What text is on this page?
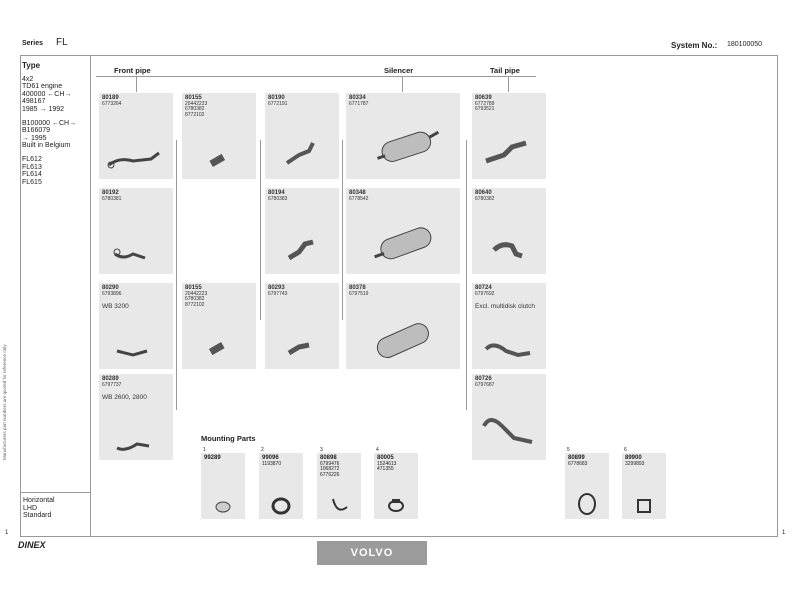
Manufacturers part numbers are quoted for reference only
1
Series FL	System No.: 180100050
1
Type
4x2
TD61 engine
400000 ←CH→
498167
1985 → 1992
B100000 ←CH→
B166079
→ 1995
Built in Belgium
FL612
FL613
FL614
FL615
Horizontal
LHD
Standard
Front pipe	Silencer	Tail pipe
80189
6773264
80155
20442223
6780382
8772102
80190
6772191
80334
6771787
80639
6772789
6793521
80192
6780381
80194
6780383
80348
6778542
80640
6780382
80290
6793896
WB 3200
80155
20442223
6780382
8772102
80293
6797743
80378
6797519
80724
6797692
Excl. multidisk clutch
80289
6797737
WB 2600, 2800
80726
6797687
Mounting Parts
1
99289
2
99096
1193870
3
80898
6799476
1068272
6776226
4
80005
1524613
471355
5
80899
6778683
6
89900
3299893
DINEX
VOLVO
